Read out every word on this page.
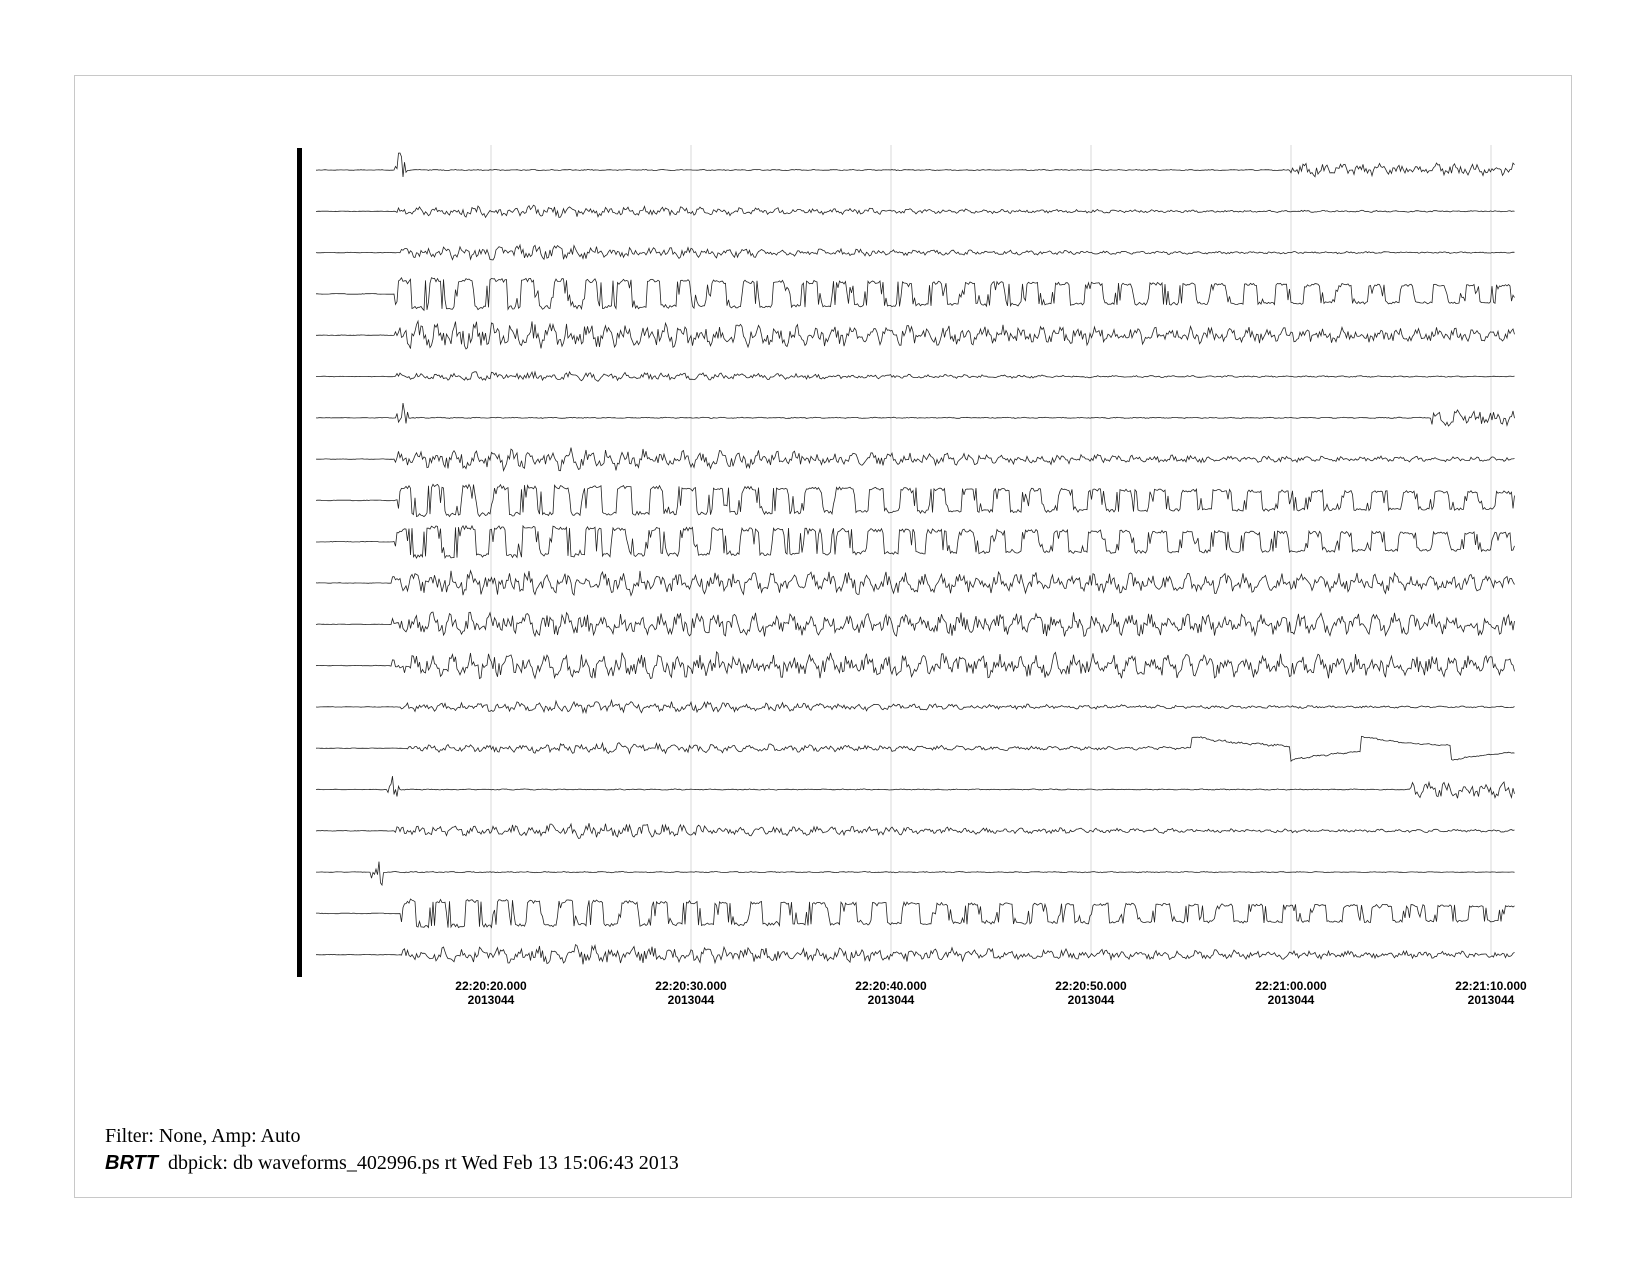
22:20:20.000
2013044
22:20:30.000
2013044
22:20:40.000
2013044
22:20:50.000
2013044
22:21:00.000
2013044
22:21:10.000
2013044
Filter: None, Amp: Auto
BRTT dbpick: db waveforms_402996.ps rt Wed Feb 13 15:06:43 2013
